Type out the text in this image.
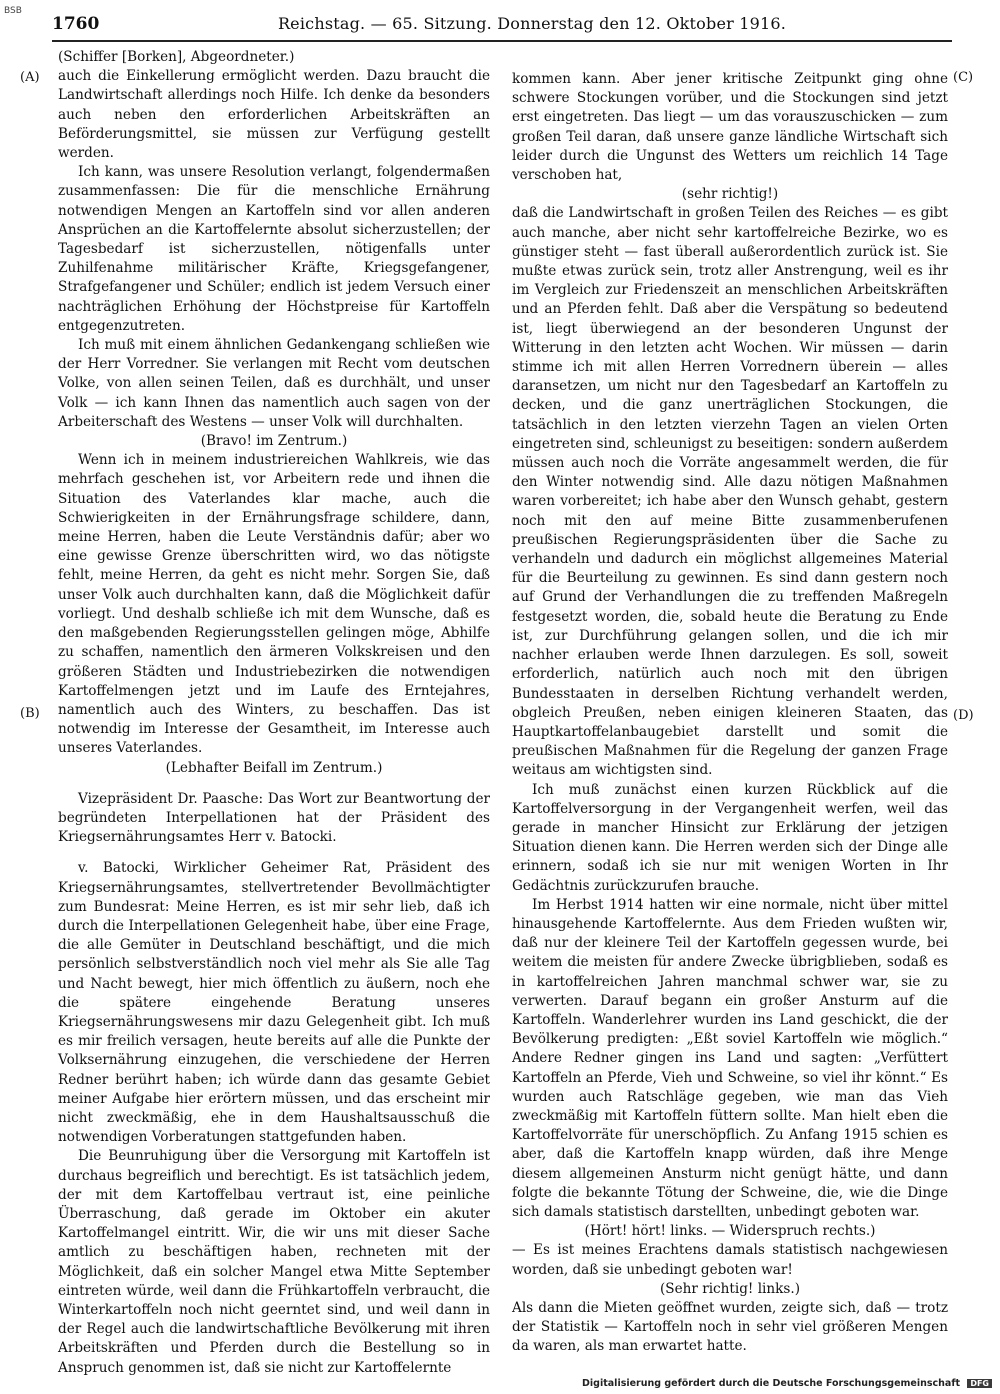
BSB
1760	Reichstag. — 65. Sitzung. Donnerstag den 12. Oktober 1916.
(A)
(B)
(C)
(D)

(Schiffer [Borken], Abgeordneter.)

auch die Einkellerung ermöglicht werden. Dazu braucht die Landwirtschaft allerdings noch Hilfe. Ich denke da besonders auch neben den erforderlichen Arbeitskräften an Beförderungsmittel, sie müssen zur Verfügung gestellt werden.

Ich kann, was unsere Resolution verlangt, folgendermaßen zusammenfassen: Die für die menschliche Ernährung notwendigen Mengen an Kartoffeln sind vor allen anderen Ansprüchen an die Kartoffelernte absolut sicherzustellen; der Tagesbedarf ist sicherzustellen, nötigenfalls unter Zuhilfenahme militärischer Kräfte, Kriegsgefangener, Strafgefangener und Schüler; endlich ist jedem Versuch einer nachträglichen Erhöhung der Höchstpreise für Kartoffeln entgegenzutreten.

Ich muß mit einem ähnlichen Gedankengang schließen wie der Herr Vorredner. Sie verlangen mit Recht vom deutschen Volke, von allen seinen Teilen, daß es durchhält, und unser Volk — ich kann Ihnen das namentlich auch sagen von der Arbeiterschaft des Westens — unser Volk will durchhalten.

(Bravo! im Zentrum.)

Wenn ich in meinem industriereichen Wahlkreis, wie das mehrfach geschehen ist, vor Arbeitern rede und ihnen die Situation des Vaterlandes klar mache, auch die Schwierigkeiten in der Ernährungsfrage schildere, dann, meine Herren, haben die Leute Verständnis dafür; aber wo eine gewisse Grenze überschritten wird, wo das nötigste fehlt, meine Herren, da geht es nicht mehr. Sorgen Sie, daß unser Volk auch durchhalten kann, daß die Möglichkeit dafür vorliegt. Und deshalb schließe ich mit dem Wunsche, daß es den maßgebenden Regierungsstellen gelingen möge, Abhilfe zu schaffen, namentlich den ärmeren Volkskreisen und den größeren Städten und Industriebezirken die notwendigen Kartoffelmengen jetzt und im Laufe des Erntejahres, namentlich auch des Winters, zu beschaffen. Das ist notwendig im Interesse der Gesamtheit, im Interesse auch unseres Vaterlandes.

(Lebhafter Beifall im Zentrum.)

Vizepräsident Dr. Paasche: Das Wort zur Beantwortung der begründeten Interpellationen hat der Präsident des Kriegsernährungsamtes Herr v. Batocki.

v. Batocki, Wirklicher Geheimer Rat, Präsident des Kriegsernährungsamtes, stellvertretender Bevollmächtigter zum Bundesrat: Meine Herren, es ist mir sehr lieb, daß ich durch die Interpellationen Gelegenheit habe, über eine Frage, die alle Gemüter in Deutschland beschäftigt, und die mich persönlich selbstverständlich noch viel mehr als Sie alle Tag und Nacht bewegt, hier mich öffentlich zu äußern, noch ehe die spätere eingehende Beratung unseres Kriegsernährungswesens mir dazu Gelegenheit gibt. Ich muß es mir freilich versagen, heute bereits auf alle die Punkte der Volksernährung einzugehen, die verschiedene der Herren Redner berührt haben; ich würde dann das gesamte Gebiet meiner Aufgabe hier erörtern müssen, und das erscheint mir nicht zweckmäßig, ehe in dem Haushaltsausschuß die notwendigen Vorberatungen stattgefunden haben.

Die Beunruhigung über die Versorgung mit Kartoffeln ist durchaus begreiflich und berechtigt. Es ist tatsächlich jedem, der mit dem Kartoffelbau vertraut ist, eine peinliche Überraschung, daß gerade im Oktober ein akuter Kartoffelmangel eintritt. Wir, die wir uns mit dieser Sache amtlich zu beschäftigen haben, rechneten mit der Möglichkeit, daß ein solcher Mangel etwa Mitte September eintreten würde, weil dann die Frühkartoffeln verbraucht, die Winterkartoffeln noch nicht geerntet sind, und weil dann in der Regel auch die landwirtschaftliche Bevölkerung mit ihren Arbeitskräften und Pferden durch die Bestellung so in Anspruch genommen ist, daß sie nicht zur Kartoffelernte

kommen kann. Aber jener kritische Zeitpunkt ging ohne schwere Stockungen vorüber, und die Stockungen sind jetzt erst eingetreten. Das liegt — um das vorauszuschicken — zum großen Teil daran, daß unsere ganze ländliche Wirtschaft sich leider durch die Ungunst des Wetters um reichlich 14 Tage verschoben hat,

(sehr richtig!)

daß die Landwirtschaft in großen Teilen des Reiches — es gibt auch manche, aber nicht sehr kartoffelreiche Bezirke, wo es günstiger steht — fast überall außerordentlich zurück ist. Sie mußte etwas zurück sein, trotz aller Anstrengung, weil es ihr im Vergleich zur Friedenszeit an menschlichen Arbeitskräften und an Pferden fehlt. Daß aber die Verspätung so bedeutend ist, liegt überwiegend an der besonderen Ungunst der Witterung in den letzten acht Wochen. Wir müssen — darin stimme ich mit allen Herren Vorrednern überein — alles daransetzen, um nicht nur den Tagesbedarf an Kartoffeln zu decken, und die ganz unerträglichen Stockungen, die tatsächlich in den letzten vierzehn Tagen an vielen Orten eingetreten sind, schleunigst zu beseitigen: sondern außerdem müssen auch noch die Vorräte angesammelt werden, die für den Winter notwendig sind. Alle dazu nötigen Maßnahmen waren vorbereitet; ich habe aber den Wunsch gehabt, gestern noch mit den auf meine Bitte zusammenberufenen preußischen Regierungspräsidenten über die Sache zu verhandeln und dadurch ein möglichst allgemeines Material für die Beurteilung zu gewinnen. Es sind dann gestern noch auf Grund der Verhandlungen die zu treffenden Maßregeln festgesetzt worden, die, sobald heute die Beratung zu Ende ist, zur Durchführung gelangen sollen, und die ich mir nachher erlauben werde Ihnen darzulegen. Es soll, soweit erforderlich, natürlich auch noch mit den übrigen Bundesstaaten in derselben Richtung verhandelt werden, obgleich Preußen, neben einigen kleineren Staaten, das Hauptkartoffelanbaugebiet darstellt und somit die preußischen Maßnahmen für die Regelung der ganzen Frage weitaus am wichtigsten sind.

Ich muß zunächst einen kurzen Rückblick auf die Kartoffelversorgung in der Vergangenheit werfen, weil das gerade in mancher Hinsicht zur Erklärung der jetzigen Situation dienen kann. Die Herren werden sich der Dinge alle erinnern, sodaß ich sie nur mit wenigen Worten in Ihr Gedächtnis zurückzurufen brauche.

Im Herbst 1914 hatten wir eine normale, nicht über mittel hinausgehende Kartoffelernte. Aus dem Frieden wußten wir, daß nur der kleinere Teil der Kartoffeln gegessen wurde, bei weitem die meisten für andere Zwecke übrigblieben, sodaß es in kartoffelreichen Jahren manchmal schwer war, sie zu verwerten. Darauf begann ein großer Ansturm auf die Kartoffeln. Wanderlehrer wurden ins Land geschickt, die der Bevölkerung predigten: „Eßt soviel Kartoffeln wie möglich.“ Andere Redner gingen ins Land und sagten: „Verfüttert Kartoffeln an Pferde, Vieh und Schweine, so viel ihr könnt.“ Es wurden auch Ratschläge gegeben, wie man das Vieh zweckmäßig mit Kartoffeln füttern sollte. Man hielt eben die Kartoffelvorräte für unerschöpflich. Zu Anfang 1915 schien es aber, daß die Kartoffeln knapp würden, daß ihre Menge diesem allgemeinen Ansturm nicht genügt hätte, und dann folgte die bekannte Tötung der Schweine, die, wie die Dinge sich damals statistisch darstellten, unbedingt geboten war.

(Hört! hört! links. — Widerspruch rechts.)

— Es ist meines Erachtens damals statistisch nachgewiesen worden, daß sie unbedingt geboten war!

(Sehr richtig! links.)

Als dann die Mieten geöffnet wurden, zeigte sich, daß — trotz der Statistik — Kartoffeln noch in sehr viel größeren Mengen da waren, als man erwartet hatte.

Digitalisierung gefördert durch die Deutsche Forschungsgemeinschaft DFG
